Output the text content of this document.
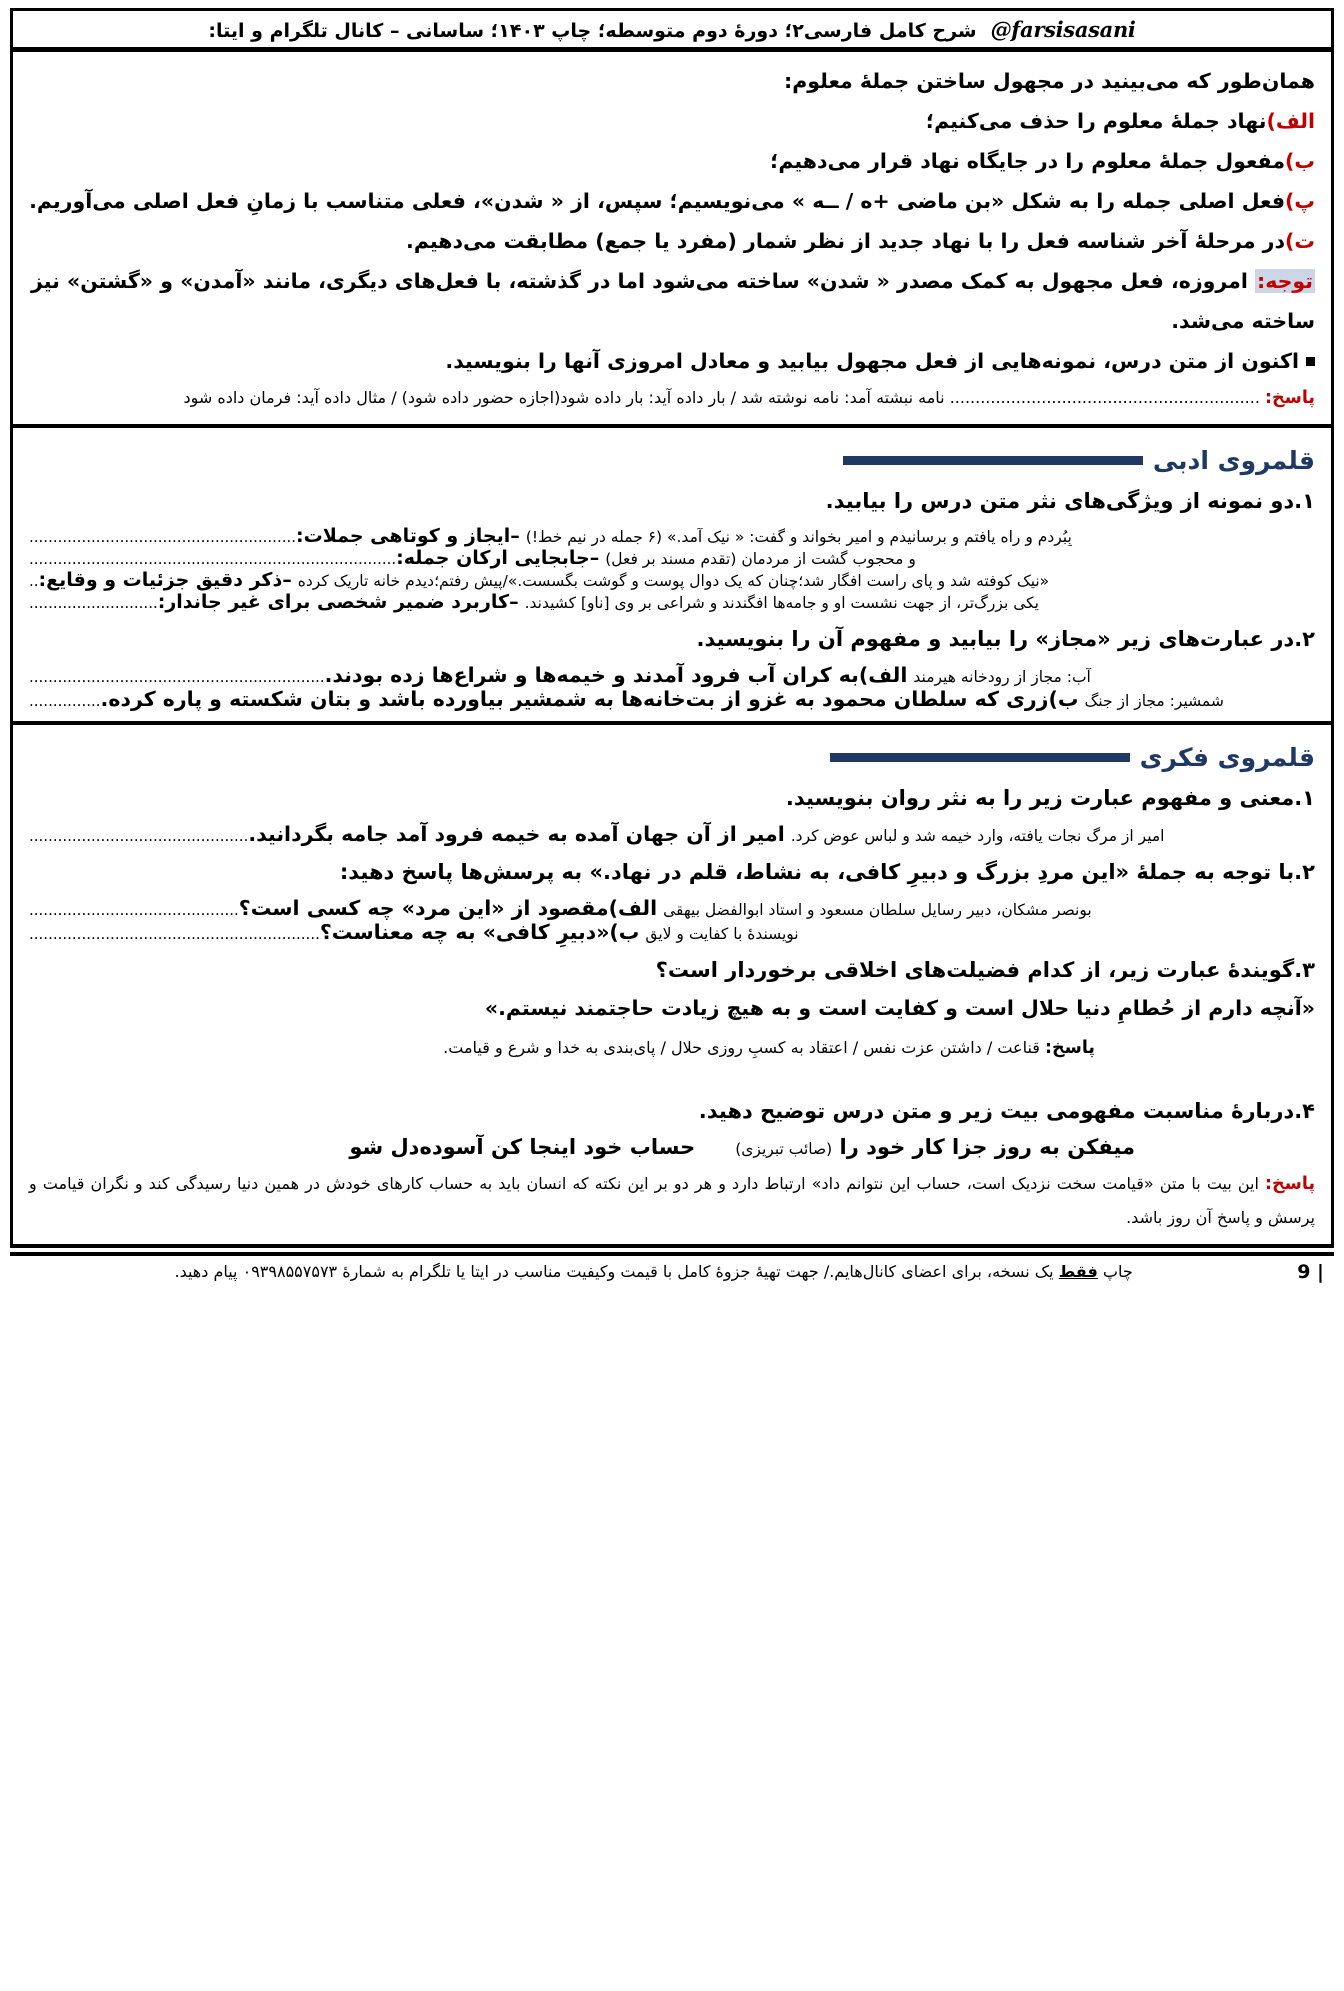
@farsisasani
شرح کامل فارسی۲؛ دورهٔ دوم متوسطه؛ چاپ ۱۴۰۳؛ ساسانی – کانال تلگرام و ایتا:
همان‌طور که می‌بینید در مجهول ساختن جملهٔ معلوم:
الف)نهاد جملهٔ معلوم را حذف می‌کنیم؛
ب)مفعول جملهٔ معلوم را در جایگاه نهاد قرار می‌دهیم؛
پ)فعل اصلی جمله را به شکل «بن ماضی +ه / ــه » می‌نویسیم؛ سپس، از « شدن»، فعلی متناسب با زمانِ فعل اصلی می‌آوریم.
ت)در مرحلهٔ آخر شناسه فعل را با نهاد جدید از نظر شمار (مفرد یا جمع) مطابقت می‌دهیم.
توجه: امروزه، فعل مجهول به کمک مصدر « شدن» ساخته می‌شود اما در گذشته، با فعل‌های دیگری، مانند «آمدن» و «گشتن» نیز ساخته می‌شد.
اکنون از متن درس، نمونه‌هایی از فعل مجهول بیابید و معادل امروزی آنها را بنویسید.
پاسخ: ............................................................. نامه نبشته آمد: نامه نوشته شد / بار داده آید: بار داده شود(اجازه حضور داده شود) / مثال داده آید: فرمان داده شود
قلمروی ادبی
۱.دو نمونه از ویژگی‌های نثر متن درس را بیابید.
بِبُردم و راه یافتم و برسانیدم و امیر بخواند و گفت: « نیک آمد.» (۶ جمله در نیم خط!)
–ایجاز و کوتاهی جملات:........................................................
و محجوب گشت از مردمان (تقدم مسند بر فعل)
–جابجایی ارکان جمله:.............................................................................
«نیک کوفته شد و پای راست افگار شد؛چنان که یک دوال پوست و گوشت بگسست.»/پیش رفتم؛دیدم خانه تاریک کرده
–ذکر دقیق جزئیات و وقایع:..
یکی بزرگ‌تر، از جهت نشست او و جامه‌ها افگندند و شراعی بر وِی [ناو] کشیدند.
–کاربرد ضمیر شخصی برای غیر جاندار:...........................
۲.در عبارت‌های زیر «مجاز» را بیابید و مفهوم آن را بنویسید.
آب: مجاز از رودخانه هیرمند
الف)به کران آب فرود آمدند و خیمه‌ها و شراع‌ها زده بودند...............................................................
شمشیر: مجاز از جنگ
ب)زری که سلطان محمود به غزو از بت‌خانه‌ها به شمشیر بیاورده باشد و بتان شکسته و پاره کرده................
قلمروی فکری
۱.معنی و مفهوم عبارت زیر را به نثر روان بنویسید.
امیر از مرگ نجات یافته، وارد خیمه شد و لباس عوض کرد.
امیر از آن جهان آمده به خیمه فرود آمد جامه بگردانید...............................................
۲.با توجه به جملهٔ «این مردِ بزرگ و دبیرِ کافی، به نشاط، قلم در نهاد.» به پرسش‌ها پاسخ دهید:
بونصر مشکان، دبیر رسایل سلطان مسعود و استاد ابوالفضل بیهقی
الف)مقصود از «این مرد» چه کسی است؟............................................
نویسندهٔ با کفایت و لایق
ب)«دبیرِ کافی» به چه معناست؟.............................................................
۳.گویندهٔ عبارت زیر، از کدام فضیلت‌های اخلاقی برخوردار است؟
«آنچه دارم از حُطامِ دنیا حلال است و کفایت است و به هیچ زیادت حاجتمند نیستم.»
پاسخ: قناعت / داشتن عزت نفس / اعتقاد به کسبِ روزی حلال / پای‌بندی به خدا و شرع و قیامت.
۴.دربارهٔ مناسبت مفهومی بیت زیر و متن درس توضیح دهید.
میفکن به روز جزا کار خود را (صائب تبریزی)
حساب خود اینجا کن آسوده‌دل شو
پاسخ: این بیت با متن «قیامت سخت نزدیک است، حساب این نتوانم داد» ارتباط دارد و هر دو بر این نکته که انسان باید به حساب کارهای خودش در همین دنیا رسیدگی کند و نگران قیامت و پرسش و پاسخ آن روز باشد.
9 |
چاپ فقط یک نسخه، برای اعضای کانال‌هایم./ جهت تهیهٔ جزوهٔ کامل با قیمت وکیفیت مناسب در ایتا یا تلگرام به شمارهٔ ۰۹۳۹۸۵۵۷۵۷۳ پیام دهید.
